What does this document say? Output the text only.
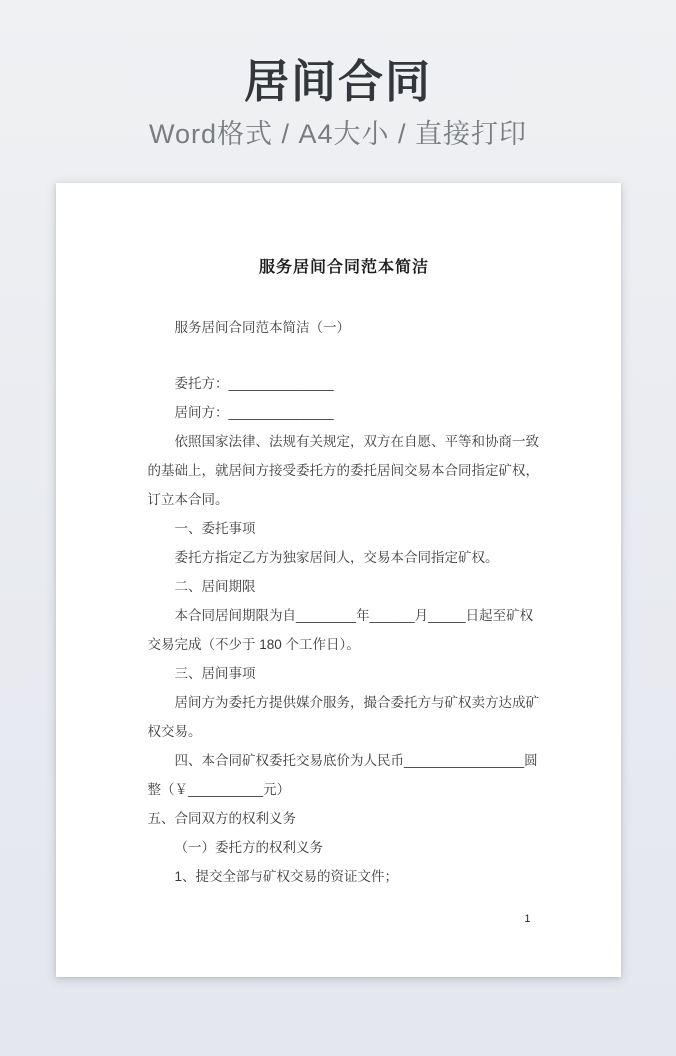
居间合同

Word格式 / A4大小 / 直接打印

服务居间合同范本简洁

服务居间合同范本简洁（一）

委托方：______________

居间方：______________

依照国家法律、法规有关规定，双方在自愿、平等和协商一致的基础上，就居间方接受委托方的委托居间交易本合同指定矿权，订立本合同。

一、委托事项

委托方指定乙方为独家居间人，交易本合同指定矿权。

二、居间期限

本合同居间期限为自________年______月_____日起至矿权交易完成（不少于 180 个工作日）。

三、居间事项

居间方为委托方提供媒介服务，撮合委托方与矿权卖方达成矿权交易。

四、本合同矿权委托交易底价为人民币________________圆整（￥__________元）

五、合同双方的权利义务

（一）委托方的权利义务

1、提交全部与矿权交易的资证文件；

1
